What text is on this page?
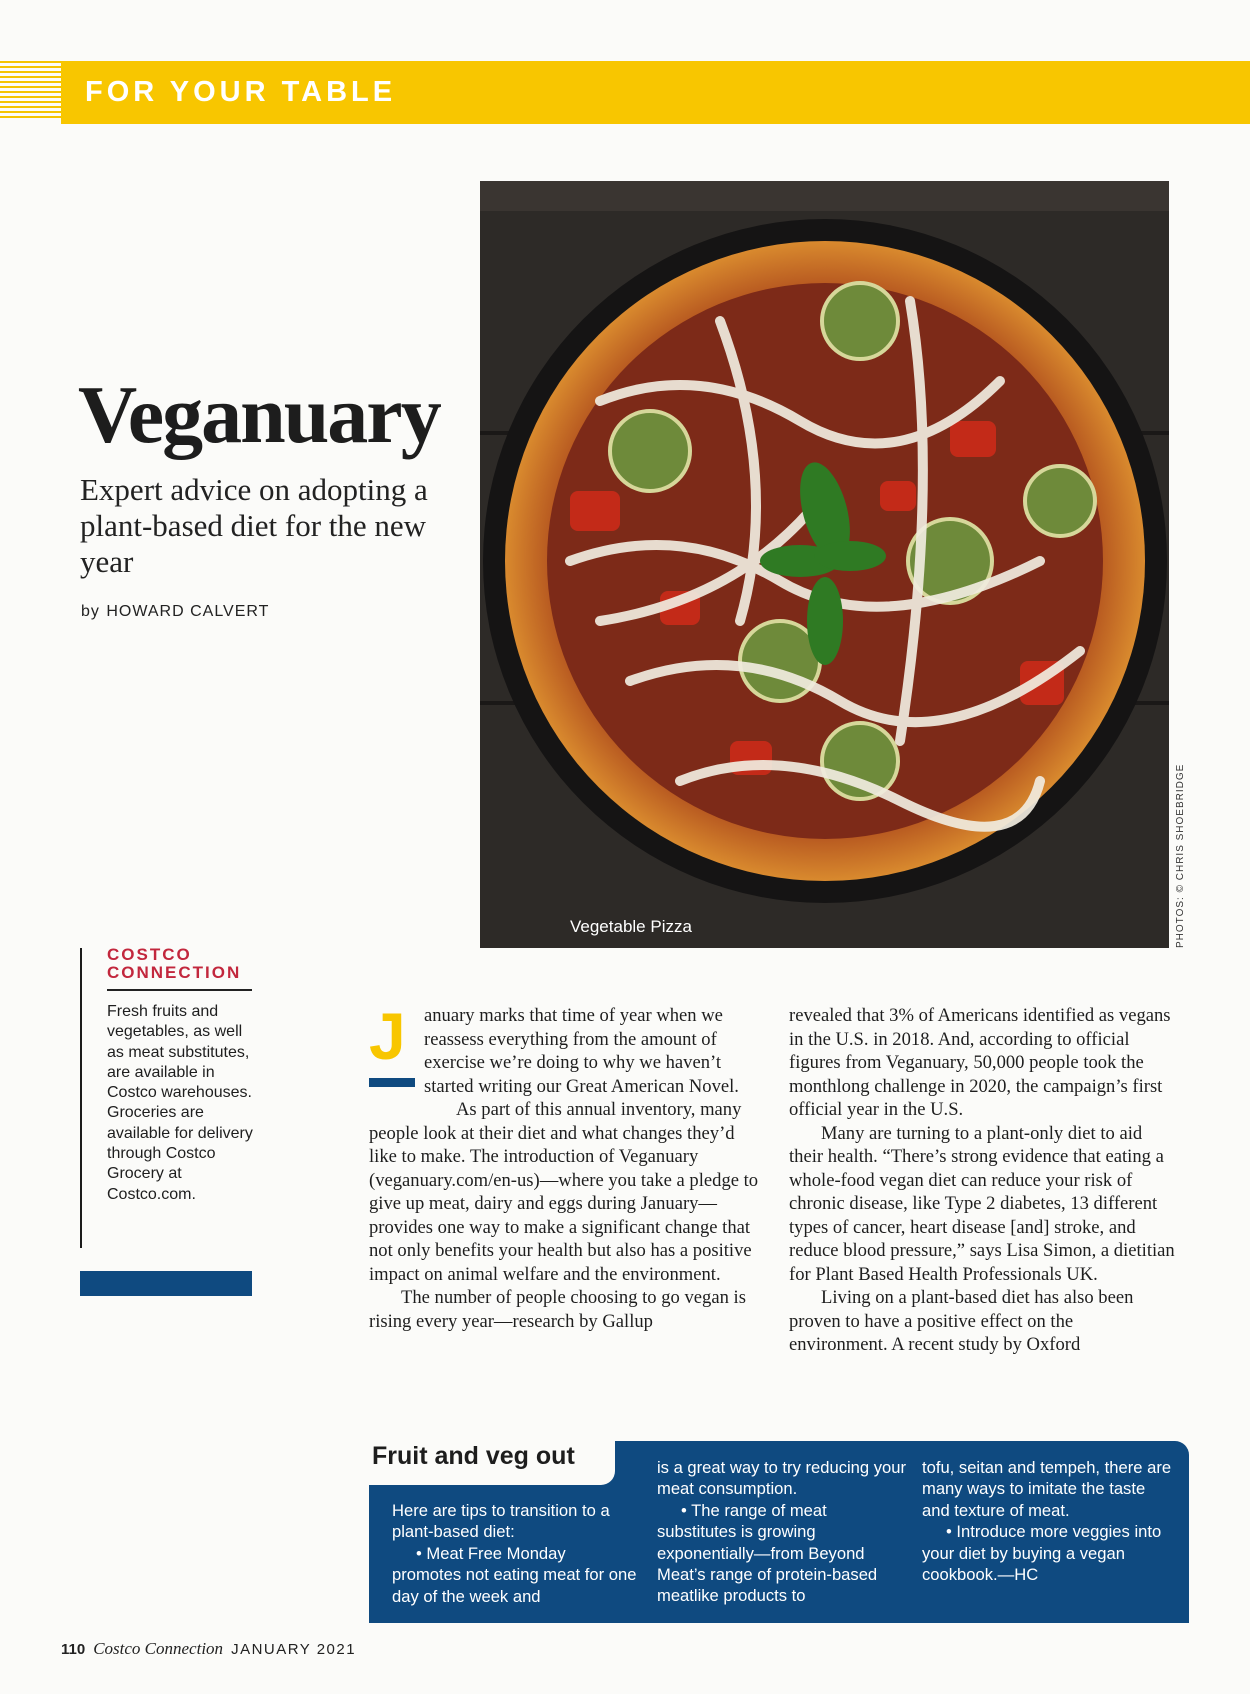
FOR YOUR TABLE
Veganuary
Expert advice on adopting a plant-based diet for the new year
by HOWARD CALVERT
Vegetable Pizza	PHOTOS: © CHRIS SHOEBRIDGE
COSTCO
CONNECTION
Fresh fruits and vegetables, as well as meat substitutes, are available in Costco warehouses. Groceries are available for delivery through Costco Grocery at Costco.com.

anuary marks that time of year when we reassess everything from the amount of exercise we’re doing to why we haven’t started writing our Great American Novel.

As part of this annual inventory, many people look at their diet and what changes they’d like to make. The introduction of Veganuary (veganuary.com/en-us)—where you take a pledge to give up meat, dairy and eggs during January—provides one way to make a significant change that not only benefits your health but also has a positive impact on animal welfare and the environment.

The number of people choosing to go vegan is rising every year—research by Gallup

J	revealed that 3% of Americans identified as vegans in the U.S. in 2018. And, according to official figures from Veganuary, 50,000 people took the monthlong challenge in 2020, the campaign’s first official year in the U.S.

Many are turning to a plant-only diet to aid their health. “There’s strong evidence that eating a whole-food vegan diet can reduce your risk of chronic disease, like Type 2 diabetes, 13 different types of cancer, heart disease [and] stroke, and reduce blood pressure,” says Lisa Simon, a dietitian for Plant Based Health Professionals UK.

Living on a plant-based diet has also been proven to have a positive effect on the environment. A recent study by Oxford

Fruit and veg out

Here are tips to transition to a plant-based diet:

• Meat Free Monday promotes not eating meat for one day of the week and

is a great way to try reducing your meat consumption.

• The range of meat substitutes is growing exponentially—from Beyond Meat’s range of protein-based meatlike products to

tofu, seitan and tempeh, there are many ways to imitate the taste and texture of meat.

• Introduce more veggies into your diet by buying a vegan cookbook.—HC

110 Costco Connection JANUARY 2021
